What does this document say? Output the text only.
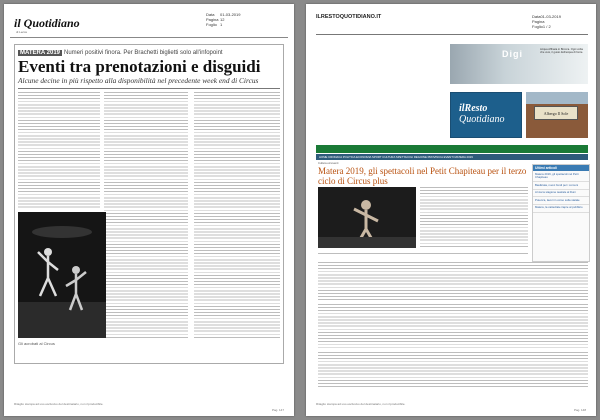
il Quotidiano
di Lecce
Data 01-03-2019
Pagina 12
Foglio 1
MATERA 2019 Numeri positivi finora. Per Brachetti biglietti solo all'infopoint
Eventi tra prenotazioni e disguidi
Alcune decine in più rispetto alla disponibilità nel precedente week end di Circus
Gli acrobati al Circus
Ritaglio stampa ad uso esclusivo del destinatario, non riproducibile.
Pag. 147
ILRESTOQUOTIDIANO.IT	Data01-03-2019
Pagina
Foglio1 / 2
Digi	Acqua Affinata in Brocca. Ogni volta che vuoi, il gusto dell'acqua di fonte.
ilResto
Quotidiano
Albergo Il Sole
HOME CRONACA POLITICA ECONOMIA SPORT CULTURA SPETTACOLI REGIONE PROVINCIA EVENTI MATERA 2019
Cultura ed eventi
Matera 2019, gli spettacoli nel Petit Chapiteau per il terzo ciclo di Circus plus
Ultimi articoli
Matera 2019, gli spettacoli nel Petit Chapiteau
Basilicata, nuovi fondi per i comuni
Al via la stagione teatrale al Duni
Potenza, lavori in corso sulla statale
Matera, la cattedrale riapre al pubblico
Ritaglio stampa ad uso esclusivo del destinatario, non riproducibile.
Pag. 148
